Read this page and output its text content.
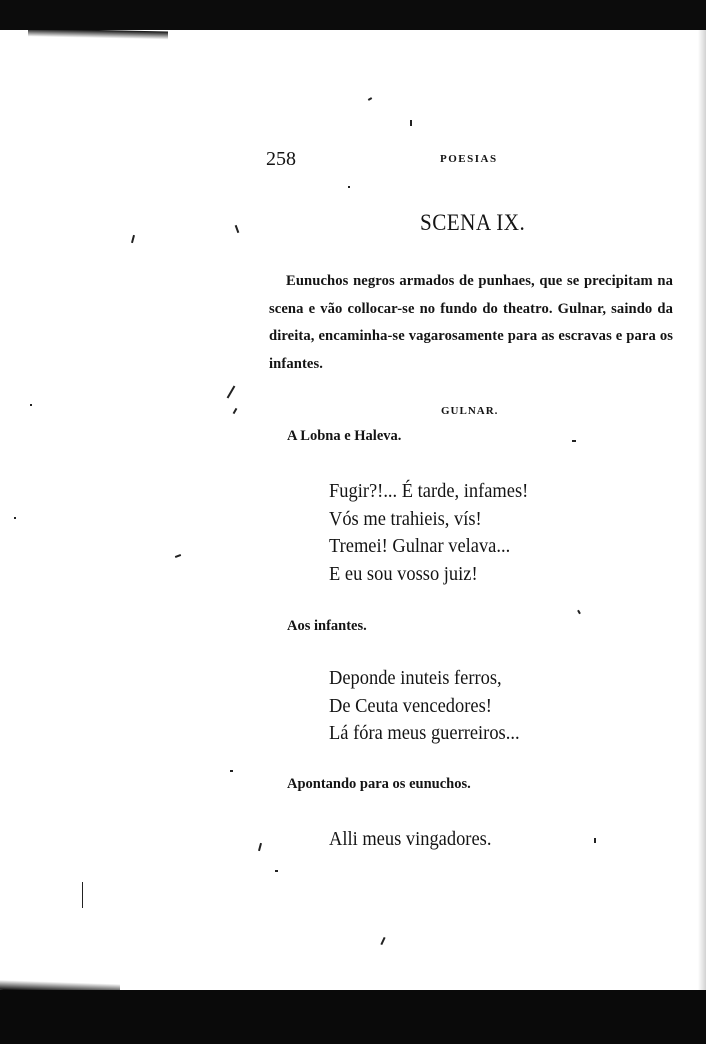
258	POESIAS
SCENA IX.

Eunuchos negros armados de punhaes, que se precipitam na scena e vão collocar-se no fundo do theatro. Gulnar, saindo da direita, encaminha-se vagarosamente para as escravas e para os infantes.

GULNAR.
A Lobna e Haleva.
Fugir?!... É tarde, infames!
Vós me trahieis, vís!
Tremei! Gulnar velava...
E eu sou vosso juiz!
Aos infantes.
Deponde inuteis ferros,
De Ceuta vencedores!
Lá fóra meus guerreiros...
Apontando para os eunuchos.
Alli meus vingadores.
